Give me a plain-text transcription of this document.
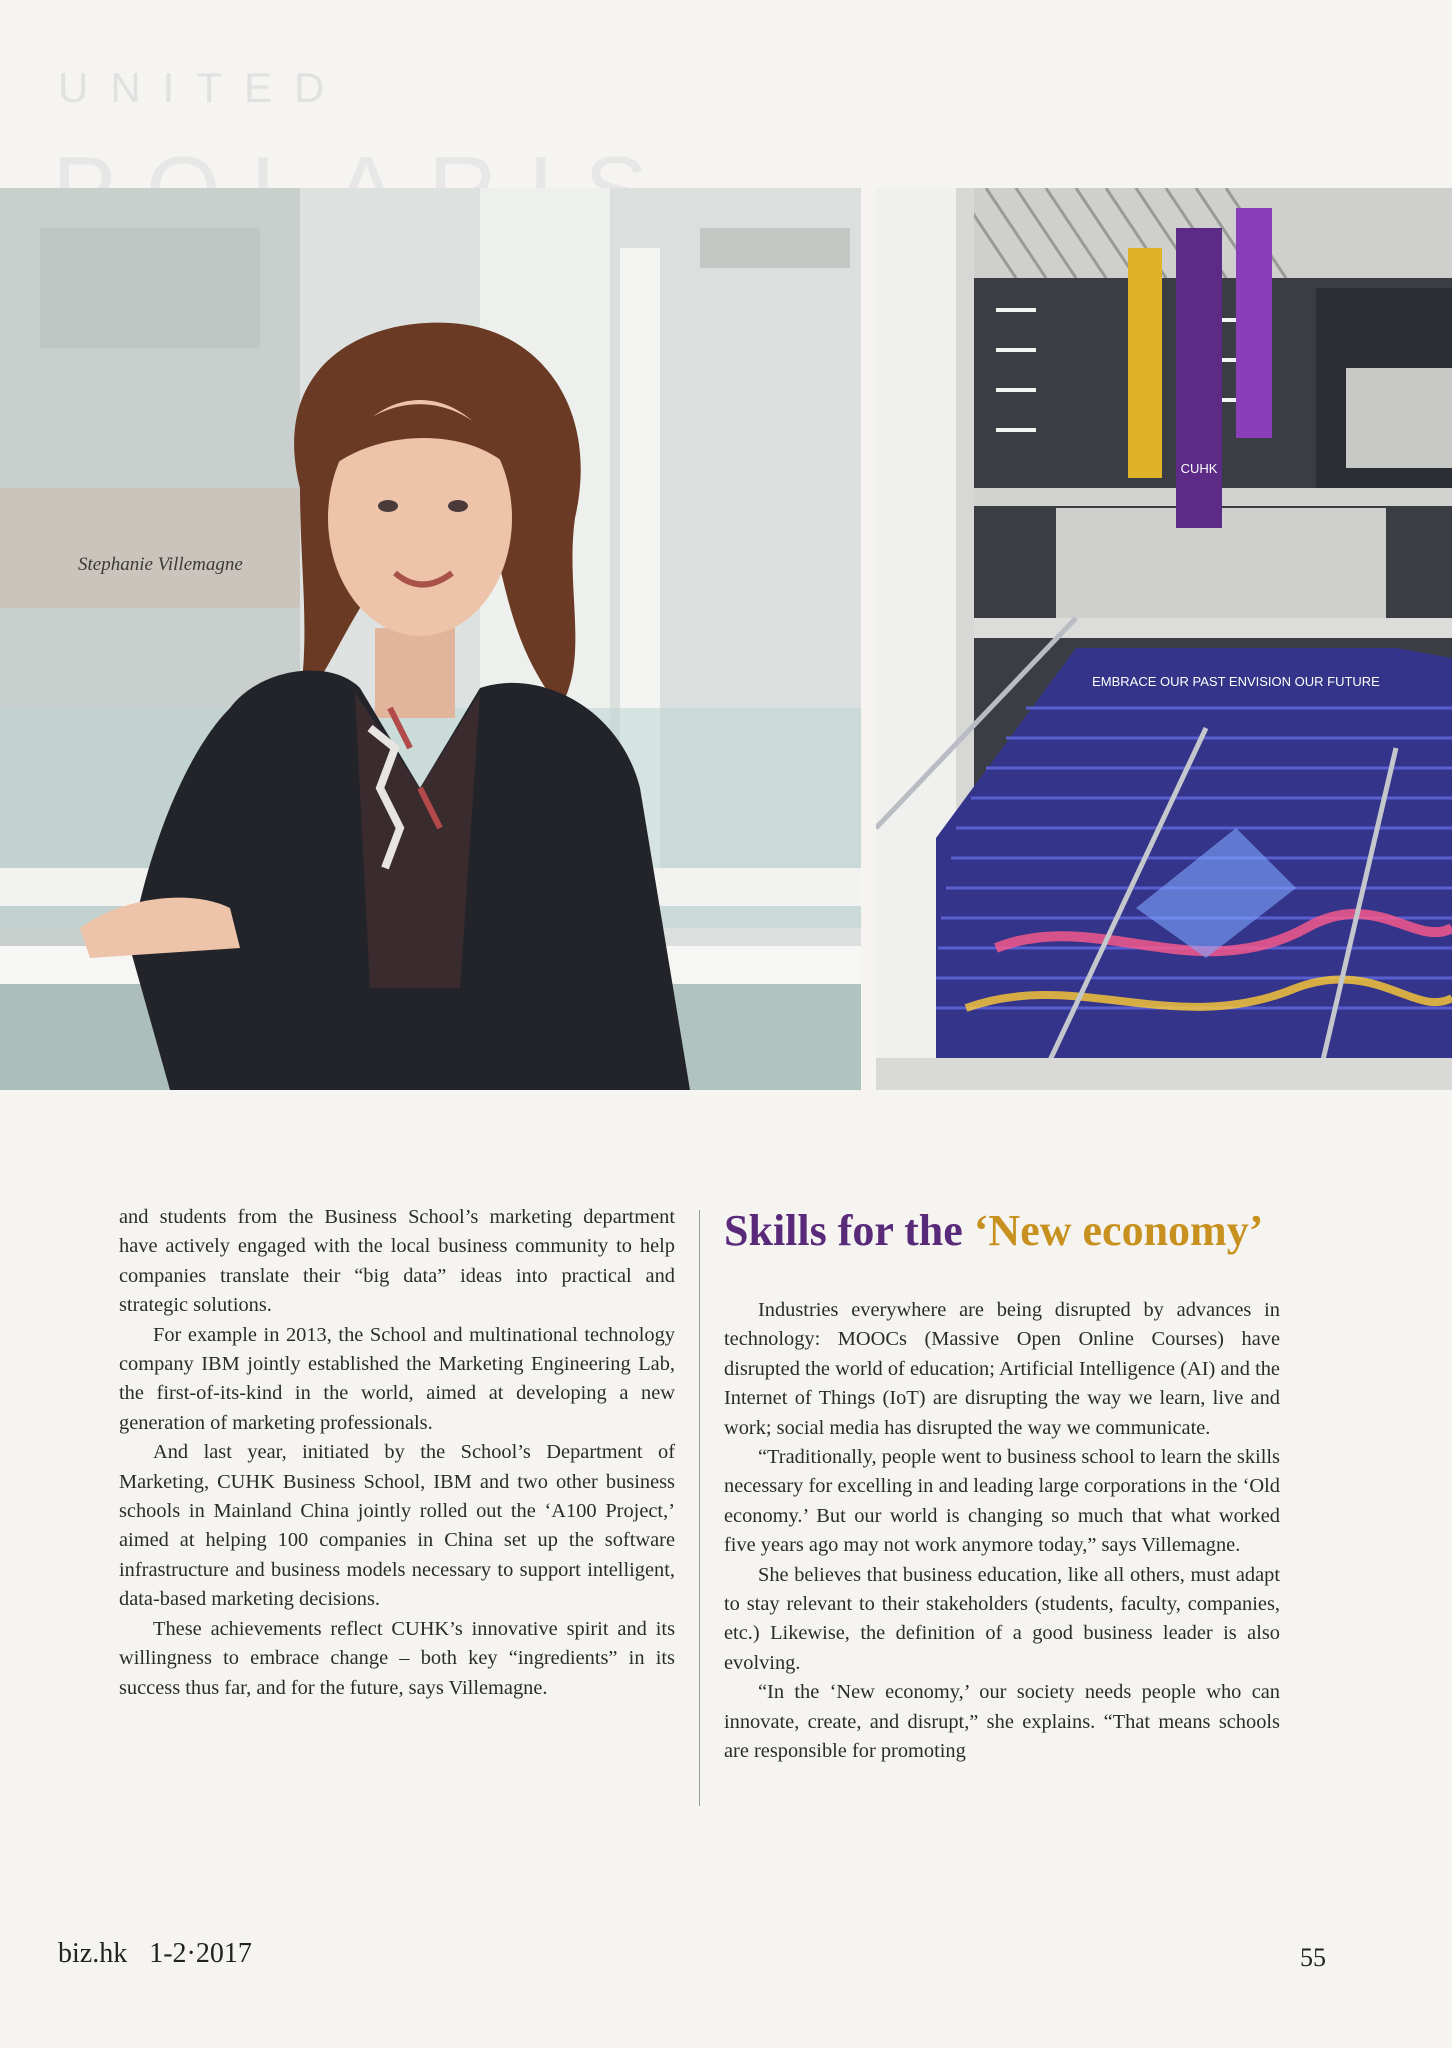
UNITED
Stephanie Villemagne
CUHK
EMBRACE OUR PAST ENVISION OUR FUTURE

and students from the Business School’s marketing department have actively engaged with the local business community to help companies translate their “big data” ideas into practical and strategic solutions.

For example in 2013, the School and multinational technology company IBM jointly established the Marketing Engineering Lab, the first-of-its-kind in the world, aimed at developing a new generation of marketing professionals.

And last year, initiated by the School’s Department of Marketing, CUHK Business School, IBM and two other business schools in Mainland China jointly rolled out the ‘A100 Project,’ aimed at helping 100 companies in China set up the software infrastructure and business models necessary to support intelligent, data-based marketing decisions.

These achievements reflect CUHK’s innovative spirit and its willingness to embrace change – both key “ingredients” in its success thus far, and for the future, says Villemagne.

Skills for the ‘New economy’

Industries everywhere are being disrupted by advances in technology: MOOCs (Massive Open Online Courses) have disrupted the world of education; Artificial Intelligence (AI) and the Internet of Things (IoT) are disrupting the way we learn, live and work; social media has disrupted the way we communicate.

“Traditionally, people went to business school to learn the skills necessary for excelling in and leading large corporations in the ‘Old economy.’ But our world is changing so much that what worked five years ago may not work anymore today,” says Villemagne.

She believes that business education, like all others, must adapt to stay relevant to their stakeholders (students, faculty, companies, etc.) Likewise, the definition of a good business leader is also evolving.

“In the ‘New economy,’ our society needs people who can innovate, create, and disrupt,” she explains. “That means schools are responsible for promoting

biz.hk 1-2·2017	55
